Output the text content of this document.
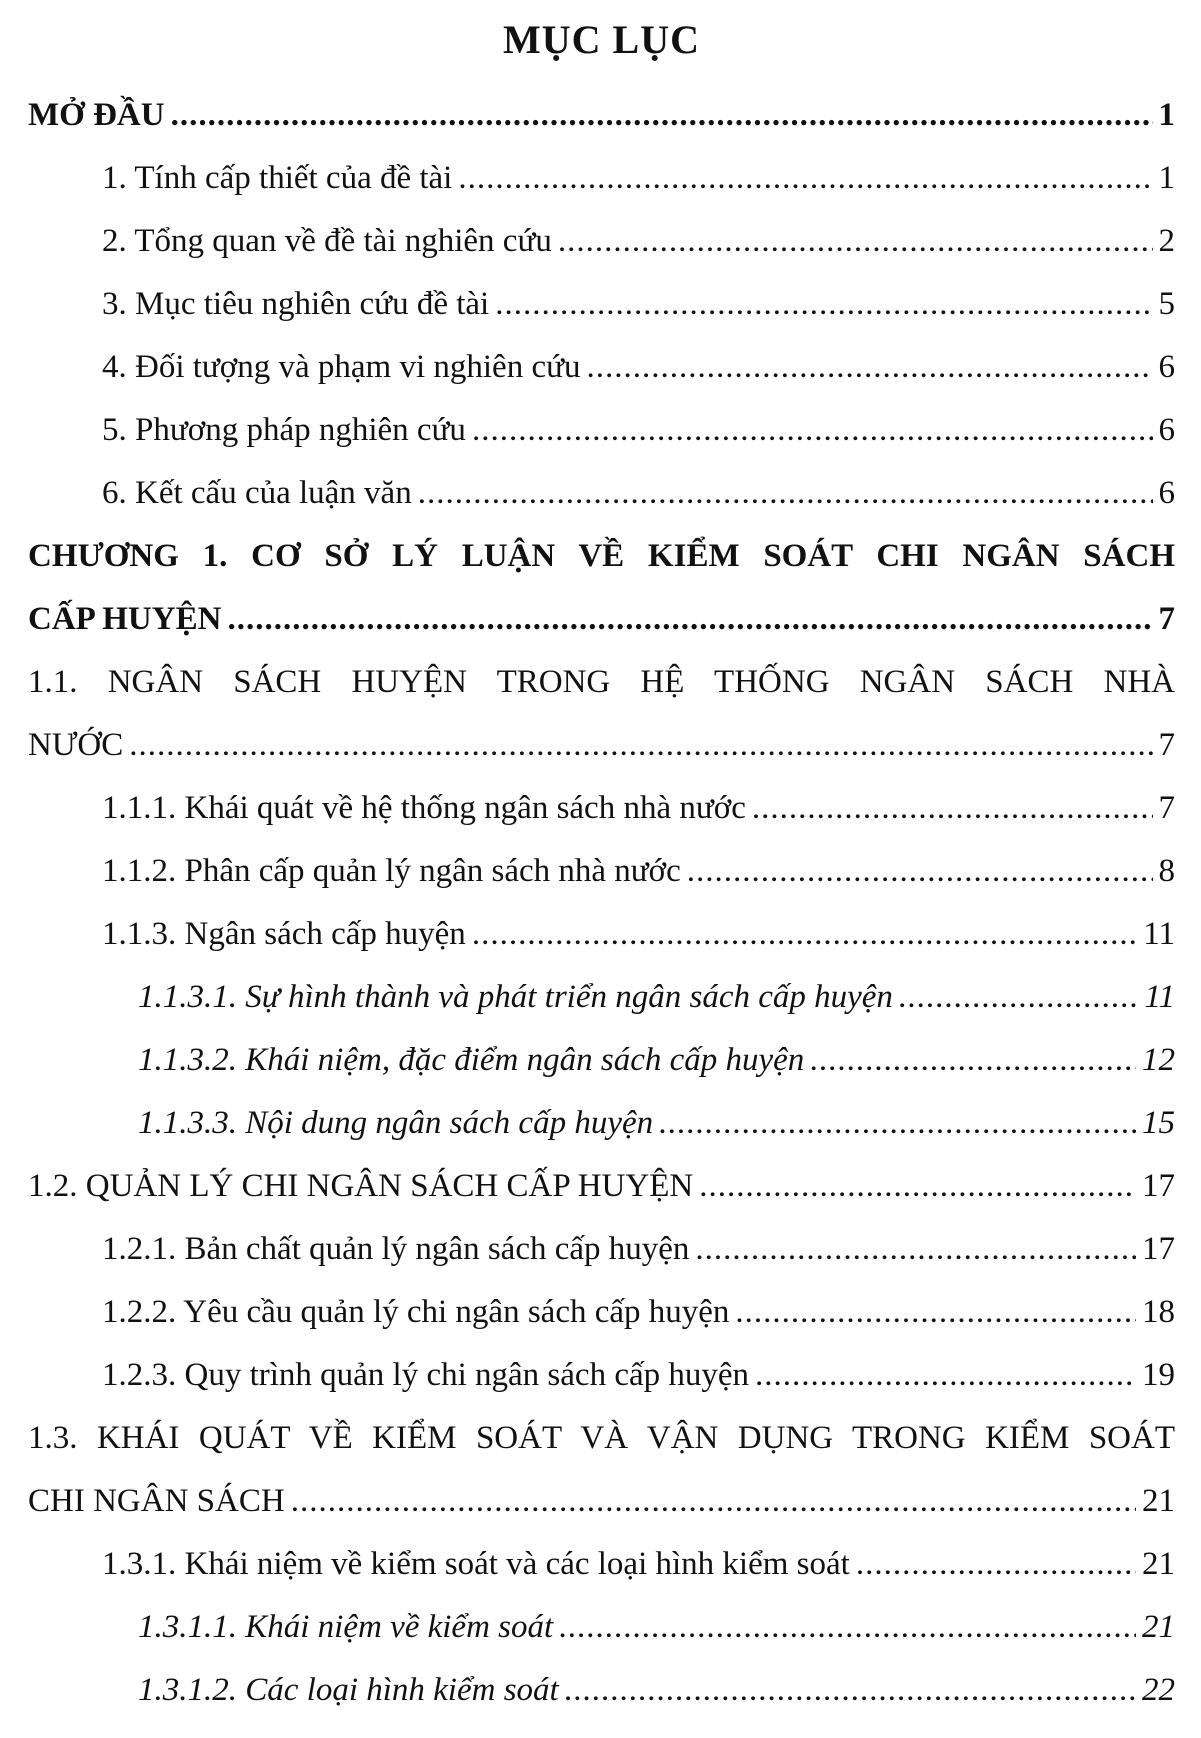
MỤC LỤC
MỞ ĐẦU .....	1
1. Tính cấp thiết của đề tài .....	1
2. Tổng quan về đề tài nghiên cứu .....	2
3. Mục tiêu nghiên cứu đề tài .....	5
4. Đối tượng và phạm vi nghiên cứu .....	6
5. Phương pháp nghiên cứu .....	6
6. Kết cấu của luận văn .....	6
CHƯƠNG 1. CƠ SỞ LÝ LUẬN VỀ KIỂM SOÁT CHI NGÂN SÁCH
CẤP HUYỆN .....	7
1.1. NGÂN SÁCH HUYỆN TRONG HỆ THỐNG NGÂN SÁCH NHÀ
NƯỚC .....	7
1.1.1. Khái quát về hệ thống ngân sách nhà nước .....	7
1.1.2. Phân cấp quản lý ngân sách nhà nước .....	8
1.1.3. Ngân sách cấp huyện .....	11
1.1.3.1. Sự hình thành và phát triển ngân sách cấp huyện .....	11
1.1.3.2. Khái niệm, đặc điểm ngân sách cấp huyện .....	12
1.1.3.3. Nội dung ngân sách cấp huyện .....	15
1.2. QUẢN LÝ CHI NGÂN SÁCH CẤP HUYỆN .....	17
1.2.1. Bản chất quản lý ngân sách cấp huyện .....	17
1.2.2. Yêu cầu quản lý chi ngân sách cấp huyện .....	18
1.2.3. Quy trình quản lý chi ngân sách cấp huyện .....	19
1.3. KHÁI QUÁT VỀ KIỂM SOÁT VÀ VẬN DỤNG TRONG KIỂM SOÁT
CHI NGÂN SÁCH .....	21
1.3.1. Khái niệm về kiểm soát và các loại hình kiểm soát .....	21
1.3.1.1. Khái niệm về kiểm soát .....	21
1.3.1.2. Các loại hình kiểm soát .....	22
